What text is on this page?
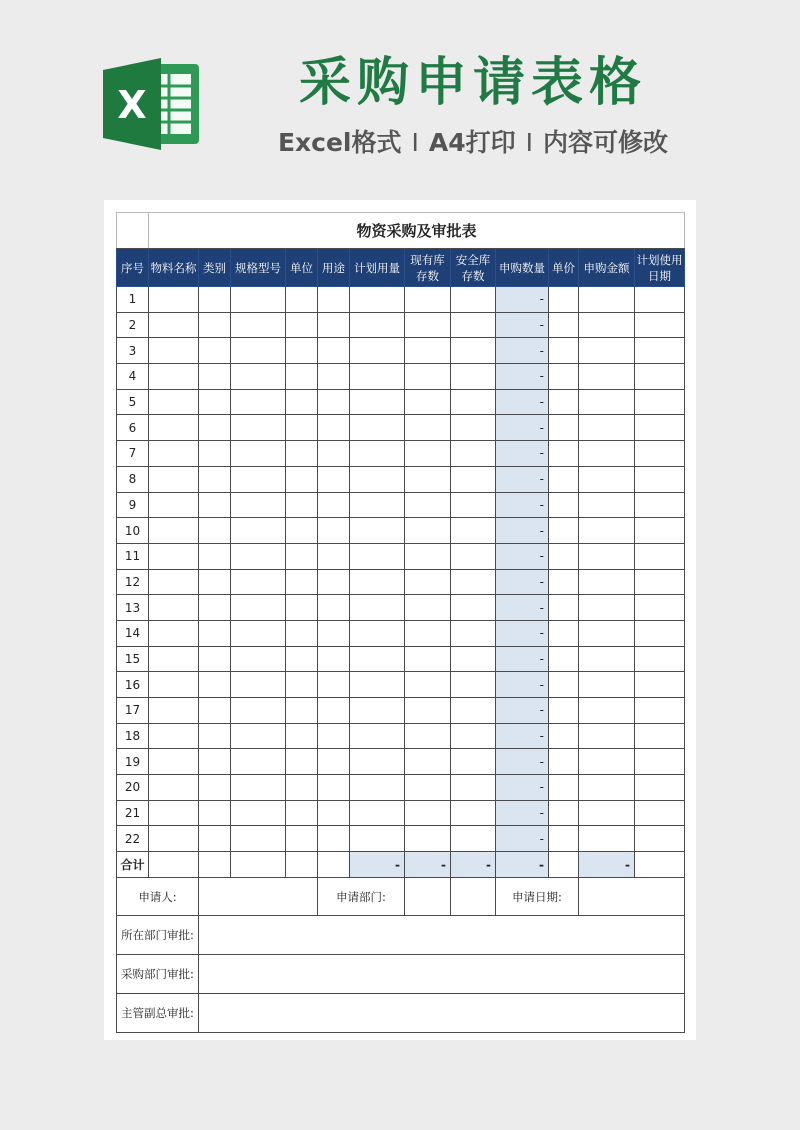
X	采购申请表格
Excel格式 I A4打印 I 内容可修改
	物资采购及审批表											
序号	物料名称	类别	规格型号	单位	用途	计划用量	现有库存数	安全库存数	申购数量	单价	申购金额	计划使用日期
1									-			
2									-			
3									-			
4									-			
5									-			
6									-			
7									-			
8									-			
9									-			
10									-			
11									-			
12									-			
13									-			
14									-			
15									-			
16									-			
17									-			
18									-			
19									-			
20									-			
21									-			
22									-			
合计						-	-	-	-		-	
申请人:					申请部门:				申请日期:			
所在部门审批:												
采购部门审批:												
主管副总审批:												
